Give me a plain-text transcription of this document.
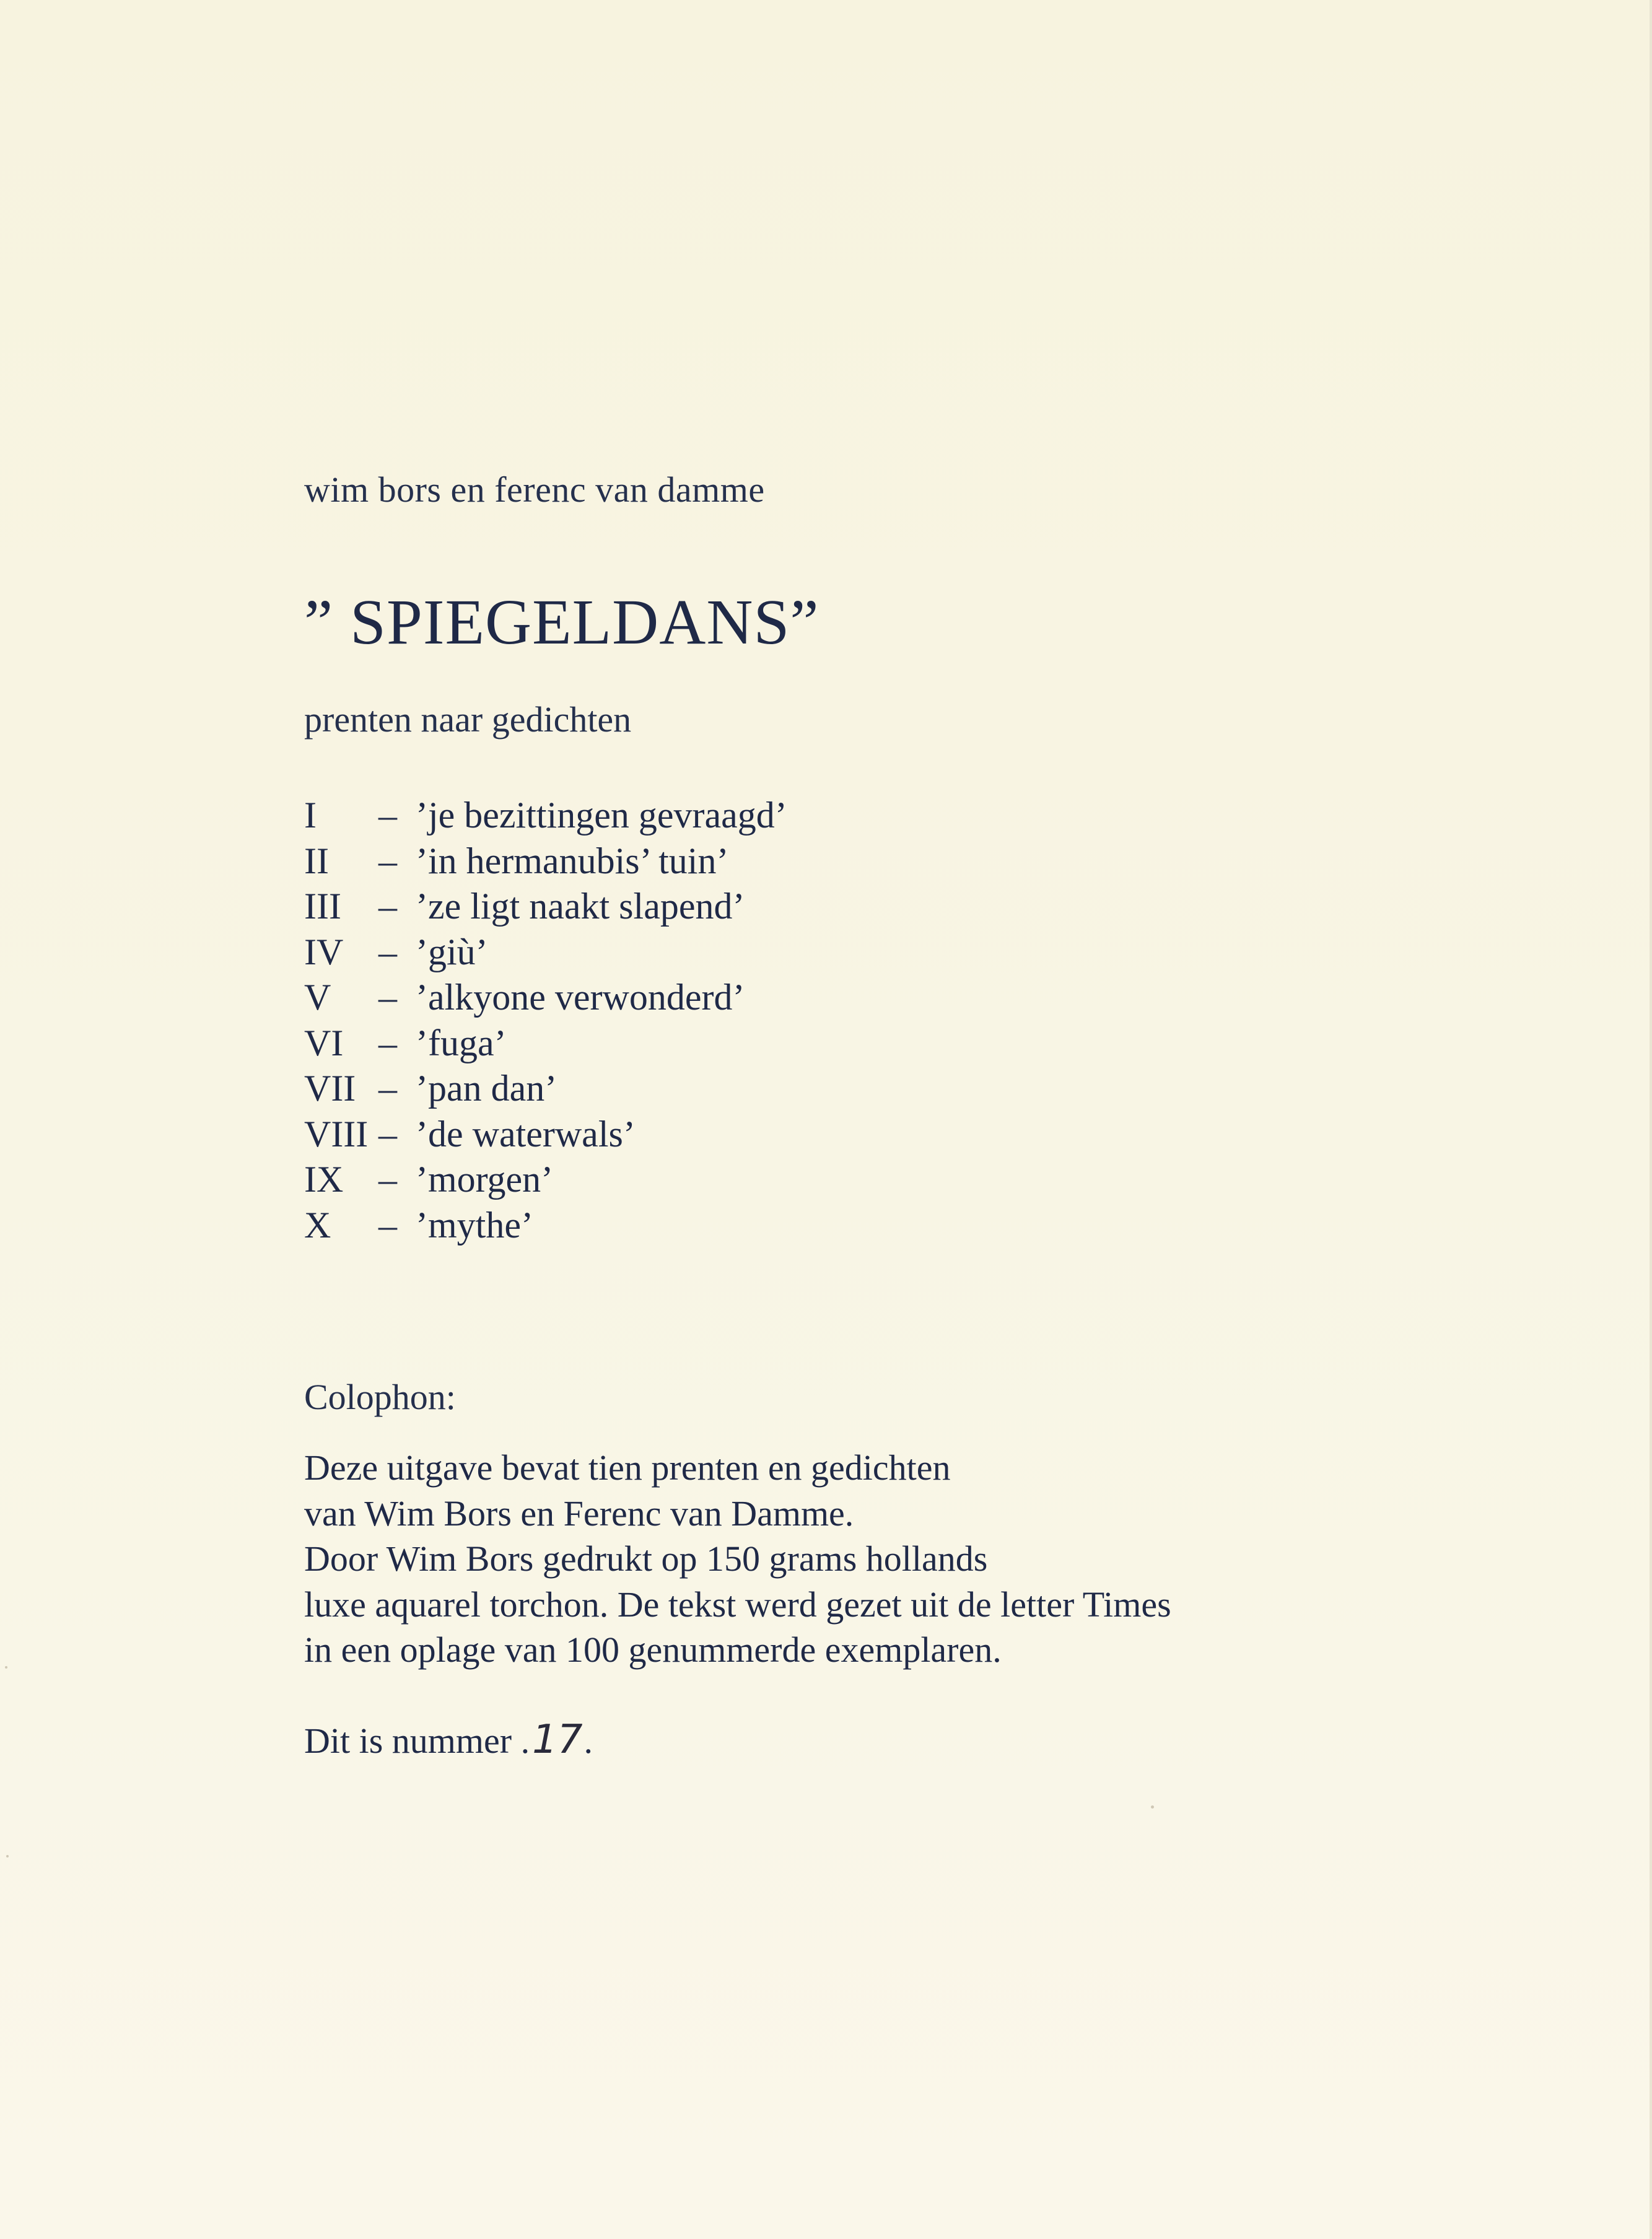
wim bors en ferenc van damme
” SPIEGELDANS”
prenten naar gedichten
I – ’je bezittingen gevraagd’
II – ’in hermanubis’ tuin’
III – ’ze ligt naakt slapend’
IV – ’giù’
V – ’alkyone verwonderd’
VI – ’fuga’
VII – ’pan dan’
VIII – ’de waterwals’
IX – ’morgen’
X – ’mythe’
Colophon:
Deze uitgave bevat tien prenten en gedichten
van Wim Bors en Ferenc van Damme.
Door Wim Bors gedrukt op 150 grams hollands
luxe aquarel torchon. De tekst werd gezet uit de letter Times
in een oplage van 100 genummerde exemplaren.
Dit is nummer .17.
